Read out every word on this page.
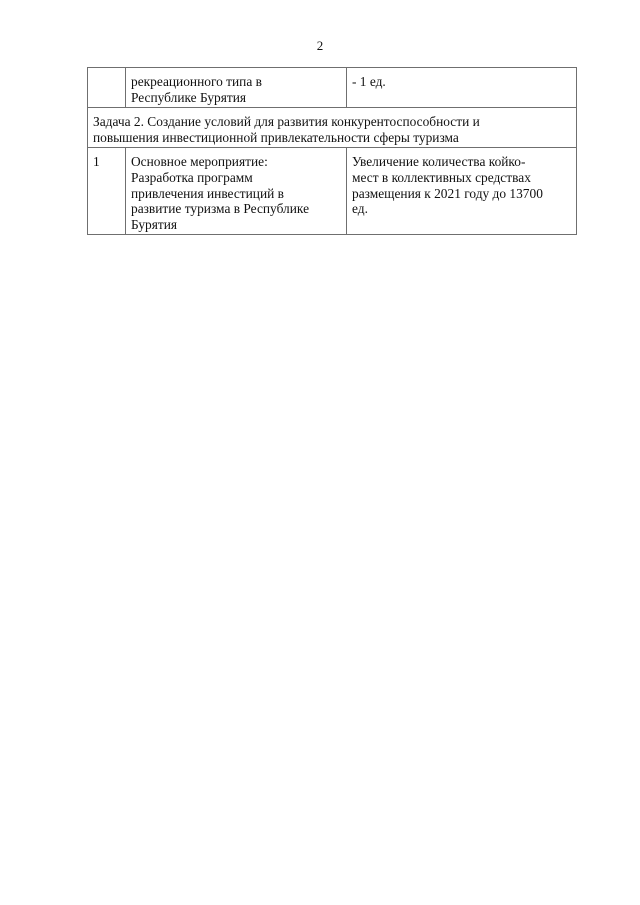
2

	рекреационного типа в
Республике Бурятия	- 1 ед.

Задача 2. Создание условий для развития конкурентоспособности и
повышения инвестиционной привлекательности сферы туризма		

1	Основное мероприятие:
Разработка программ
привлечения инвестиций в
развитие туризма в Республике
Бурятия	Увеличение количества койко-
мест в коллективных средствах
размещения к 2021 году до 13700
ед.
